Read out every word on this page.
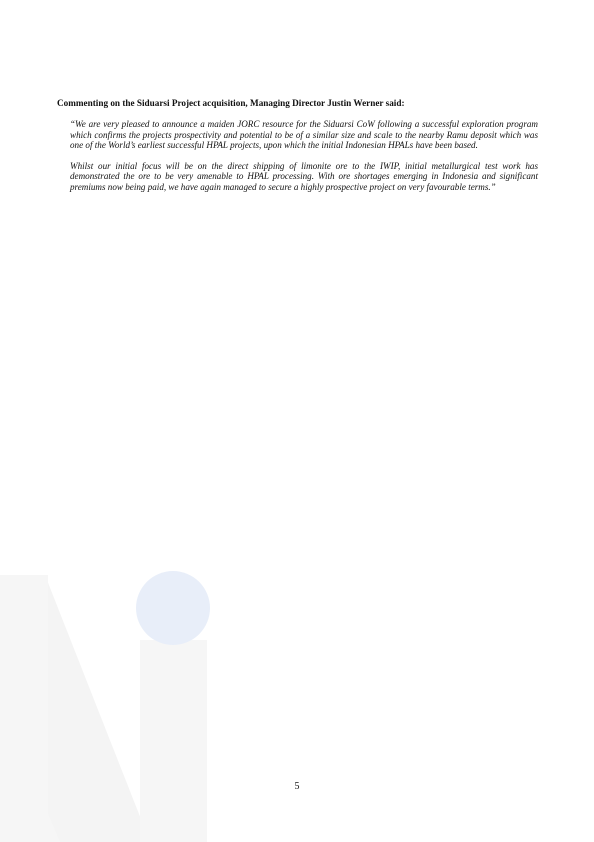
Commenting on the Siduarsi Project acquisition, Managing Director Justin Werner said:

“We are very pleased to announce a maiden JORC resource for the Siduarsi CoW following a successful exploration program which confirms the projects prospectivity and potential to be of a similar size and scale to the nearby Ramu deposit which was one of the World’s earliest successful HPAL projects, upon which the initial Indonesian HPALs have been based.

Whilst our initial focus will be on the direct shipping of limonite ore to the IWIP, initial metallurgical test work has demonstrated the ore to be very amenable to HPAL processing. With ore shortages emerging in Indonesia and significant premiums now being paid, we have again managed to secure a highly prospective project on very favourable terms.”

5
